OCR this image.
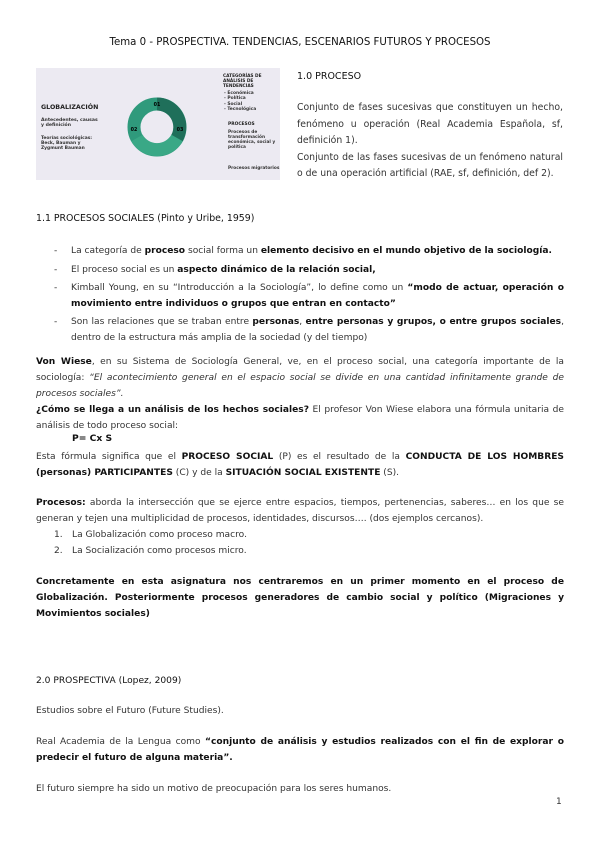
Tema 0 - PROSPECTIVA. TENDENCIAS, ESCENARIOS FUTUROS Y PROCESOS
GLOBALIZACIÓN
Antecedentes, causas y definición
Teorías sociológicas: Beck, Bauman y Zygmunt Bauman
01
02	03
CATEGORÍAS DE ANÁLISIS DE TENDENCIAS
- Económica
- Política
- Social
- Tecnológica
PROCESOS
Procesos de transformación económica, social y política
Procesos migratorios
1.0 PROCESO

Conjunto de fases sucesivas que constituyen un hecho, fenómeno u operación (Real Academia Española, sf, definición 1).

Conjunto de las fases sucesivas de un fenómeno natural o de una operación artificial (RAE, sf, definición, def 2).

1.1 PROCESOS SOCIALES (Pinto y Uribe, 1959)
- La categoría de proceso social forma un elemento decisivo en el mundo objetivo de la sociología.
- El proceso social es un aspecto dinámico de la relación social,
- Kimball Young, en su “Introducción a la Sociología”, lo define como un “modo de actuar, operación o movimiento entre individuos o grupos que entran en contacto”
- Son las relaciones que se traban entre personas, entre personas y grupos, o entre grupos sociales, dentro de la estructura más amplia de la sociedad (y del tiempo)

Von Wiese, en su Sistema de Sociología General, ve, en el proceso social, una categoría importante de la sociología: “El acontecimiento general en el espacio social se divide en una cantidad infinitamente grande de procesos sociales”.

¿Cómo se llega a un análisis de los hechos sociales? El profesor Von Wiese elabora una fórmula unitaria de análisis de todo proceso social:

P= Cx S

Esta fórmula significa que el PROCESO SOCIAL (P) es el resultado de la CONDUCTA DE LOS HOMBRES (personas) PARTICIPANTES (C) y de la SITUACIÓN SOCIAL EXISTENTE (S).

Procesos: aborda la intersección que se ejerce entre espacios, tiempos, pertenencias, saberes… en los que se generan y tejen una multiplicidad de procesos, identidades, discursos…. (dos ejemplos cercanos).

1. La Globalización como proceso macro.
2. La Socialización como procesos micro.

Concretamente en esta asignatura nos centraremos en un primer momento en el proceso de Globalización. Posteriormente procesos generadores de cambio social y político (Migraciones y Movimientos sociales)

2.0 PROSPECTIVA (Lopez, 2009)

Estudios sobre el Futuro (Future Studies).

Real Academia de la Lengua como “conjunto de análisis y estudios realizados con el fin de explorar o predecir el futuro de alguna materia”.

El futuro siempre ha sido un motivo de preocupación para los seres humanos.

1
